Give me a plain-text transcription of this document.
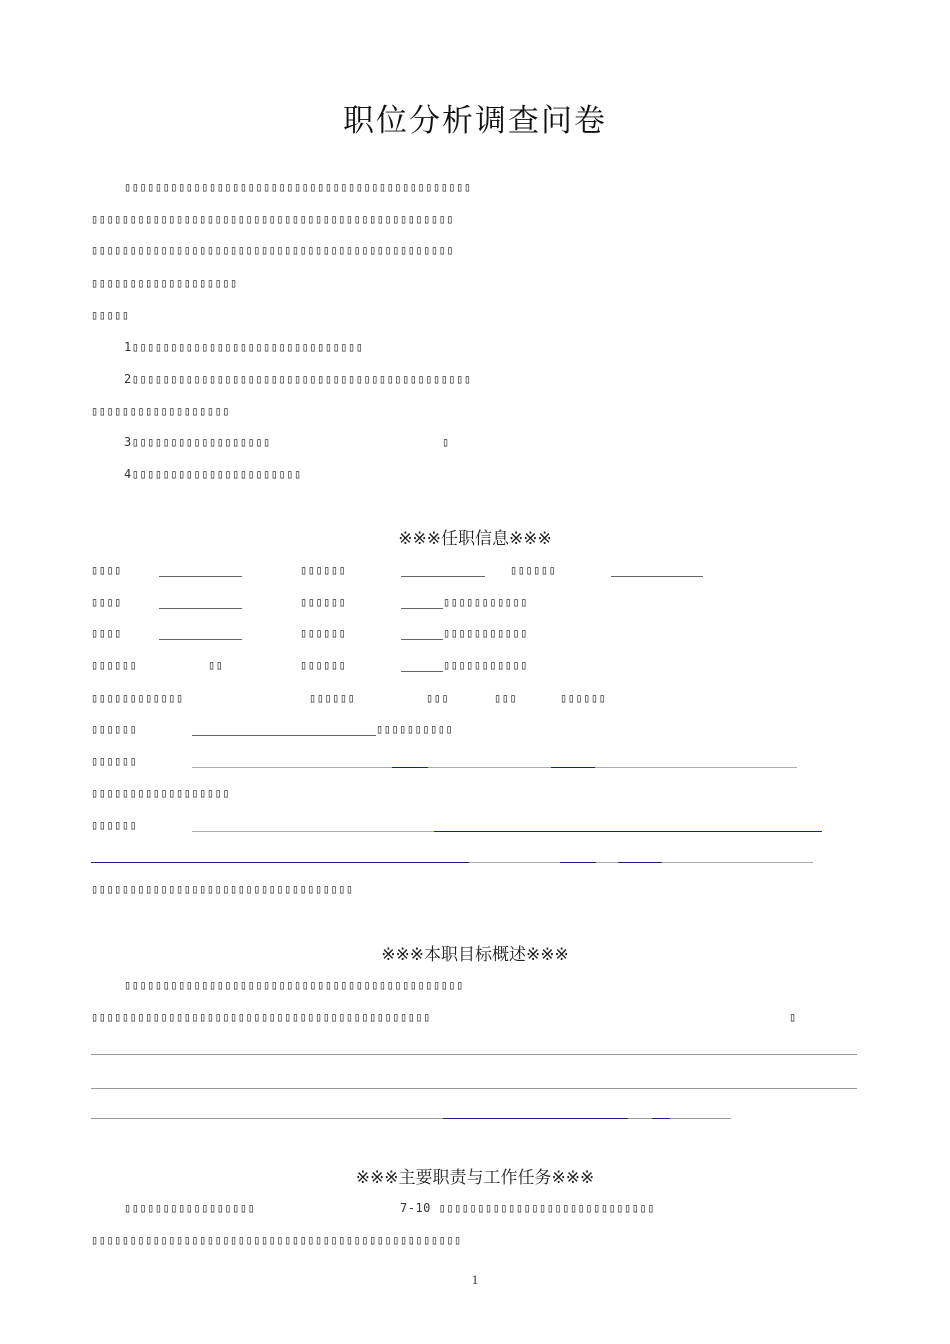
职位分析调查问卷
▯▯▯▯▯▯▯▯▯▯▯▯▯▯▯▯▯▯▯▯▯▯▯▯▯▯▯▯▯▯▯▯▯▯▯▯▯▯▯▯▯▯▯▯▯
▯▯▯▯▯▯▯▯▯▯▯▯▯▯▯▯▯▯▯▯▯▯▯▯▯▯▯▯▯▯▯▯▯▯▯▯▯▯▯▯▯▯▯▯▯▯▯
▯▯▯▯▯▯▯▯▯▯▯▯▯▯▯▯▯▯▯▯▯▯▯▯▯▯▯▯▯▯▯▯▯▯▯▯▯▯▯▯▯▯▯▯▯▯▯
▯▯▯▯▯▯▯▯▯▯▯▯▯▯▯▯▯▯▯
▯▯▯▯▯
1▯▯▯▯▯▯▯▯▯▯▯▯▯▯▯▯▯▯▯▯▯▯▯▯▯▯▯▯▯▯
2▯▯▯▯▯▯▯▯▯▯▯▯▯▯▯▯▯▯▯▯▯▯▯▯▯▯▯▯▯▯▯▯▯▯▯▯▯▯▯▯▯▯▯▯
▯▯▯▯▯▯▯▯▯▯▯▯▯▯▯▯▯▯
3▯▯▯▯▯▯▯▯▯▯▯▯▯▯▯▯▯▯	▯
4▯▯▯▯▯▯▯▯▯▯▯▯▯▯▯▯▯▯▯▯▯▯
※※※任职信息※※※
▯▯▯▯	▯▯▯▯▯▯	▯▯▯▯▯▯
▯▯▯▯	▯▯▯▯▯▯	▯▯▯▯▯▯▯▯▯▯▯
▯▯▯▯	▯▯▯▯▯▯	▯▯▯▯▯▯▯▯▯▯▯
▯▯▯▯▯▯	▯▯	▯▯▯▯▯▯	▯▯▯▯▯▯▯▯▯▯▯
▯▯▯▯▯▯▯▯▯▯▯▯	▯▯▯▯▯▯	▯▯▯	▯▯▯	▯▯▯▯▯▯
▯▯▯▯▯▯	▯▯▯▯▯▯▯▯▯▯
▯▯▯▯▯▯
▯▯▯▯▯▯▯▯▯▯▯▯▯▯▯▯▯▯
▯▯▯▯▯▯
▯▯▯▯▯▯▯▯▯▯▯▯▯▯▯▯▯▯▯▯▯▯▯▯▯▯▯▯▯▯▯▯▯▯
※※※本职目标概述※※※
▯▯▯▯▯▯▯▯▯▯▯▯▯▯▯▯▯▯▯▯▯▯▯▯▯▯▯▯▯▯▯▯▯▯▯▯▯▯▯▯▯▯▯▯
▯▯▯▯▯▯▯▯▯▯▯▯▯▯▯▯▯▯▯▯▯▯▯▯▯▯▯▯▯▯▯▯▯▯▯▯▯▯▯▯▯▯▯▯	▯
※※※主要职责与工作任务※※※
▯▯▯▯▯▯▯▯▯▯▯▯▯▯▯▯▯	7-10 ▯▯▯▯▯▯▯▯▯▯▯▯▯▯▯▯▯▯▯▯▯▯▯▯▯▯▯▯
▯▯▯▯▯▯▯▯▯▯▯▯▯▯▯▯▯▯▯▯▯▯▯▯▯▯▯▯▯▯▯▯▯▯▯▯▯▯▯▯▯▯▯▯▯▯▯▯
1
